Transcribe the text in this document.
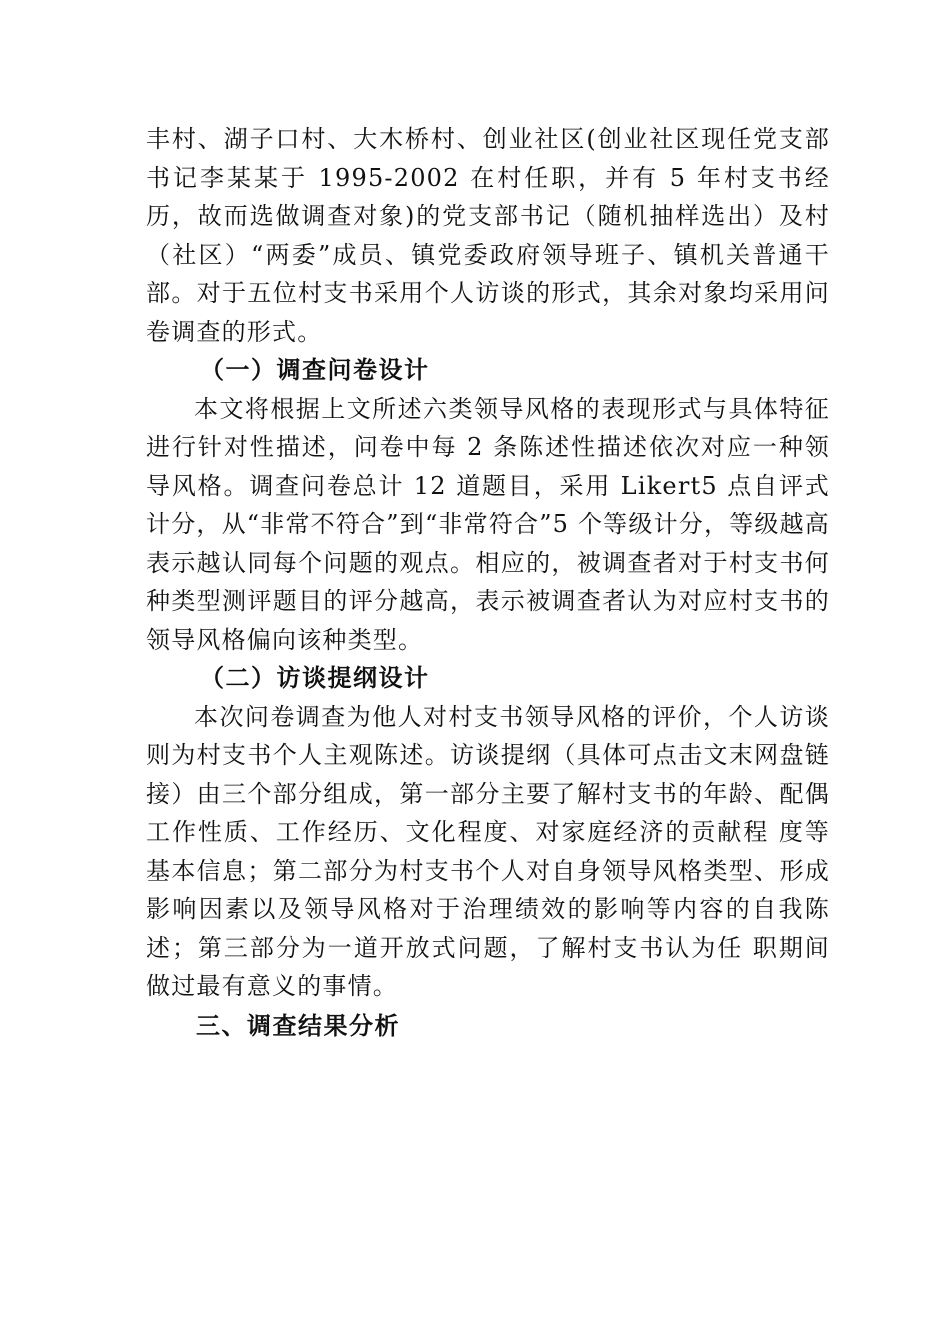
丰村、湖子口村、大木桥村、创业社区(创业社区现任党支部书记李某某于 1995-2002 在村任职，并有 5 年村支书经历，故而选做调查对象)的党支部书记（随机抽样选出）及村（社区）“两委”成员、镇党委政府领导班子、镇机关普通干部。对于五位村支书采用个人访谈的形式，其余对象均采用问卷调查的形式。

（一）调查问卷设计

本文将根据上文所述六类领导风格的表现形式与具体特征进行针对性描述，问卷中每 2 条陈述性描述依次对应一种领导风格。调查问卷总计 12 道题目，采用 Likert5 点自评式计分，从“非常不符合”到“非常符合”5 个等级计分，等级越高表示越认同每个问题的观点。相应的，被调查者对于村支书何种类型测评题目的评分越高，表示被调查者认为对应村支书的领导风格偏向该种类型。

（二）访谈提纲设计

本次问卷调查为他人对村支书领导风格的评价，个人访谈则为村支书个人主观陈述。访谈提纲（具体可点击文末网盘链接）由三个部分组成，第一部分主要了解村支书的年龄、配偶工作性质、工作经历、文化程度、对家庭经济的贡献程 度等基本信息；第二部分为村支书个人对自身领导风格类型、形成影响因素以及领导风格对于治理绩效的影响等内容的自我陈述；第三部分为一道开放式问题，了解村支书认为任 职期间做过最有意义的事情。

三、调查结果分析
